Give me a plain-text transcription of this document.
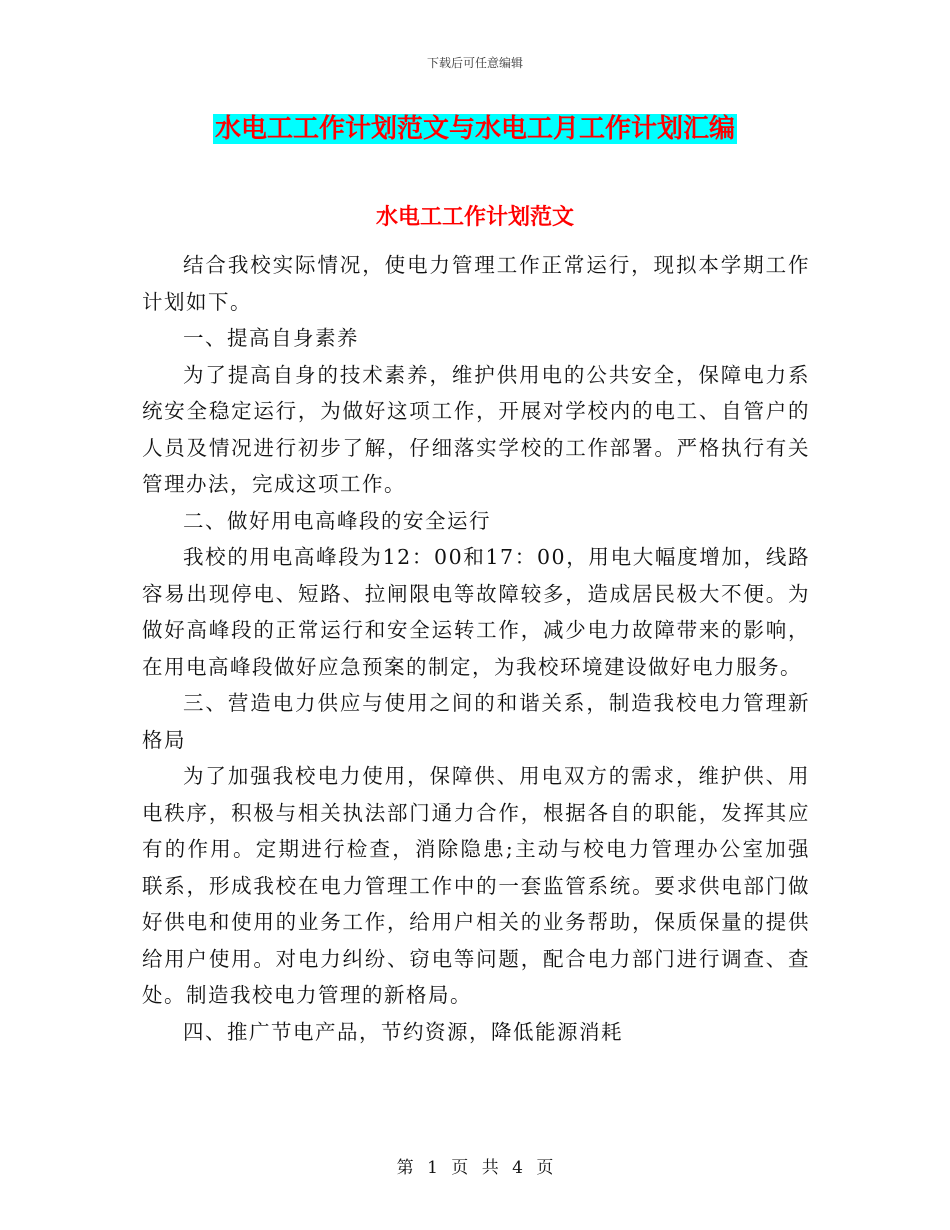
下载后可任意编辑
水电工工作计划范文与水电工月工作计划汇编
水电工工作计划范文

结合我校实际情况，使电力管理工作正常运行，现拟本学期工作计划如下。

一、提高自身素养

为了提高自身的技术素养，维护供用电的公共安全，保障电力系统安全稳定运行，为做好这项工作，开展对学校内的电工、自管户的人员及情况进行初步了解，仔细落实学校的工作部署。严格执行有关管理办法，完成这项工作。

二、做好用电高峰段的安全运行

我校的用电高峰段为12：00和17：00，用电大幅度增加，线路容易出现停电、短路、拉闸限电等故障较多，造成居民极大不便。为做好高峰段的正常运行和安全运转工作，减少电力故障带来的影响，在用电高峰段做好应急预案的制定，为我校环境建设做好电力服务。

三、营造电力供应与使用之间的和谐关系，制造我校电力管理新格局

为了加强我校电力使用，保障供、用电双方的需求，维护供、用电秩序，积极与相关执法部门通力合作，根据各自的职能，发挥其应有的作用。定期进行检查，消除隐患;主动与校电力管理办公室加强联系，形成我校在电力管理工作中的一套监管系统。要求供电部门做好供电和使用的业务工作，给用户相关的业务帮助，保质保量的提供给用户使用。对电力纠纷、窃电等问题，配合电力部门进行调查、查处。制造我校电力管理的新格局。

四、推广节电产品，节约资源，降低能源消耗

第 1 页 共 4 页
